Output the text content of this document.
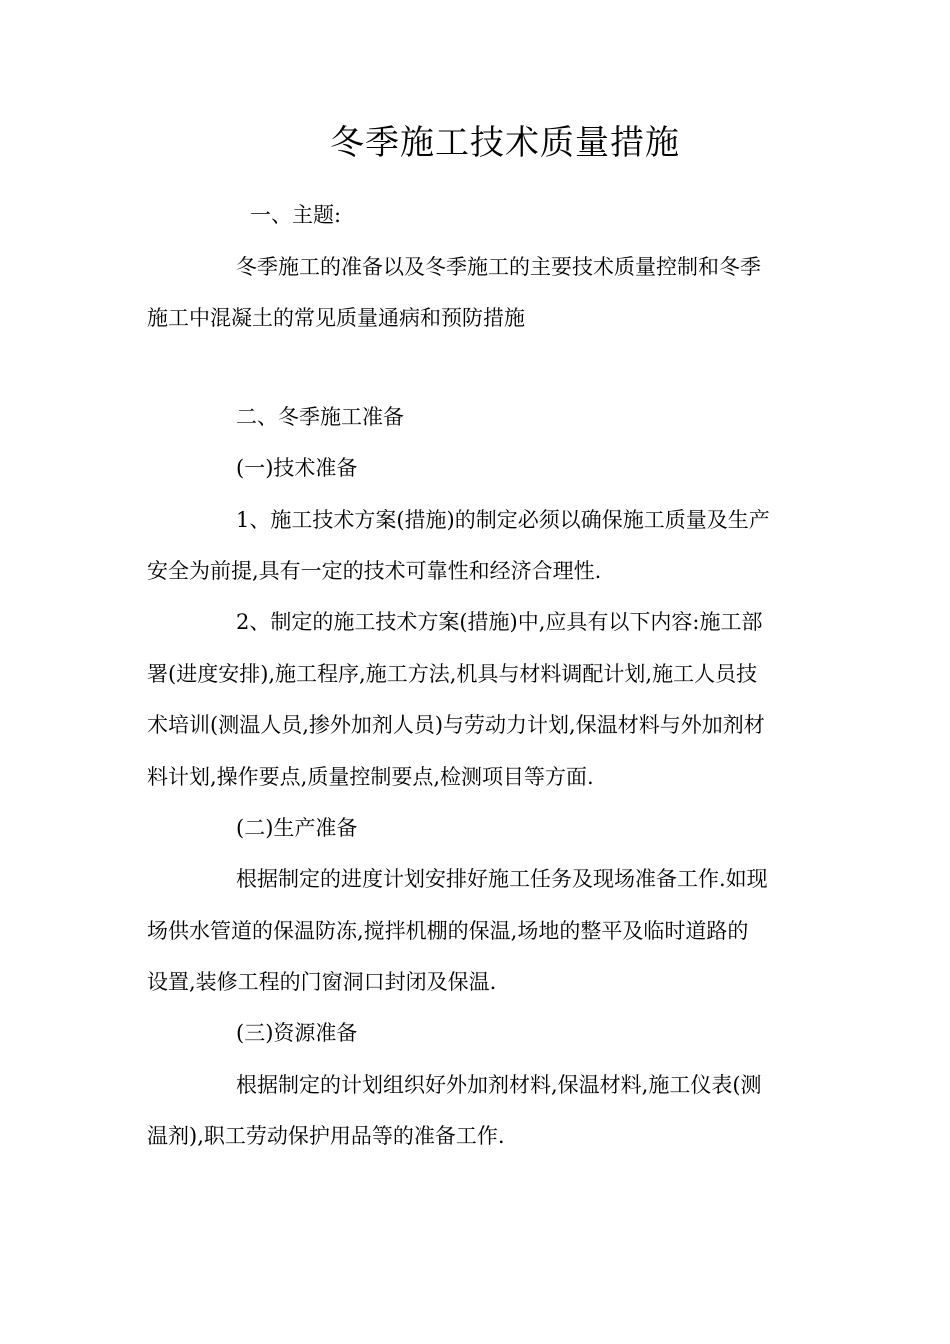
冬季施工技术质量措施
一、主题:
冬季施工的准备以及冬季施工的主要技术质量控制和冬季
施工中混凝土的常见质量通病和预防措施
二、冬季施工准备
(一)技术准备
1、施工技术方案(措施)的制定必须以确保施工质量及生产
安全为前提,具有一定的技术可靠性和经济合理性.
2、制定的施工技术方案(措施)中,应具有以下内容:施工部
署(进度安排),施工程序,施工方法,机具与材料调配计划,施工人员技
术培训(测温人员,掺外加剂人员)与劳动力计划,保温材料与外加剂材
料计划,操作要点,质量控制要点,检测项目等方面.
(二)生产准备
根据制定的进度计划安排好施工任务及现场准备工作.如现
场供水管道的保温防冻,搅拌机棚的保温,场地的整平及临时道路的
设置,装修工程的门窗洞口封闭及保温.
(三)资源准备
根据制定的计划组织好外加剂材料,保温材料,施工仪表(测
温剂),职工劳动保护用品等的准备工作.
